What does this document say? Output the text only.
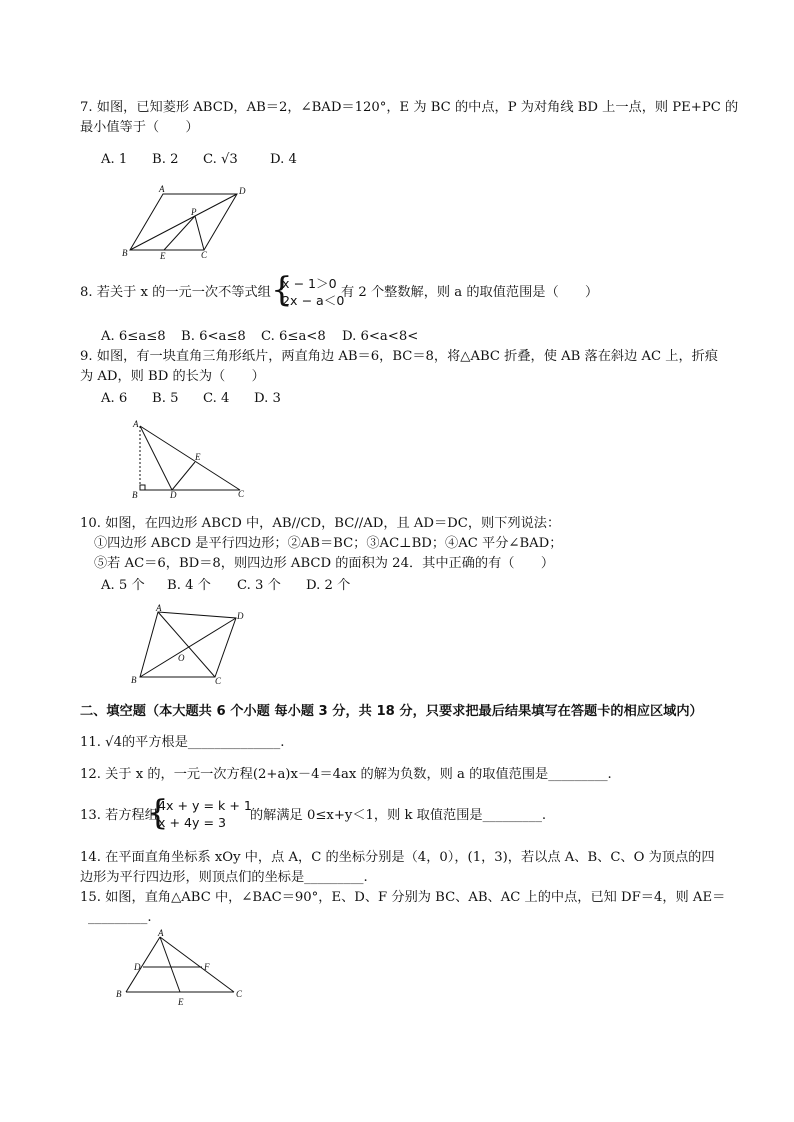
7. 如图，已知菱形 ABCD，AB＝2，∠BAD＝120°，E 为 BC 的中点，P 为对角线 BD 上一点，则 PE+PC 的
最小值等于（　　）
A. 1 B. 2 C. √3 D. 4
A	D
P
B	E	C
8. 若关于 x 的一元一次不等式组 {
x − 1＞0
2x − a＜0
有 2 个整数解，则 a 的取值范围是（　　）
A. 6≤a≤8 B. 6<a≤8 C. 6≤a<8 D. 6<a<8<
9. 如图，有一块直角三角形纸片，两直角边 AB＝6，BC＝8，将△ABC 折叠，使 AB 落在斜边 AC 上，折痕
为 AD，则 BD 的长为（　　）
A. 6 B. 5 C. 4 D. 3
A
E
B	D	C
10. 如图，在四边形 ABCD 中，AB//CD，BC//AD，且 AD＝DC，则下列说法：
①四边形 ABCD 是平行四边形；②AB＝BC；③AC⊥BD；④AC 平分∠BAD；
⑤若 AC＝6，BD＝8，则四边形 ABCD 的面积为 24．其中正确的有（　　）
A. 5 个 B. 4 个 C. 3 个 D. 2 个
A
D
O
B	C
二、填空题（本大题共 6 个小题 每小题 3 分，共 18 分，只要求把最后结果填写在答题卡的相应区域内）
11. √4的平方根是______________.
12. 关于 x 的，一元一次方程(2+a)x－4＝4ax 的解为负数，则 a 的取值范围是_________.
13. 若方程组
{
4x + y = k + 1
x + 4y = 3 的解满足 0≤x+y＜1，则 k 取值范围是_________.
14. 在平面直角坐标系 xOy 中，点 A，C 的坐标分别是（4，0），(1，3)，若以点 A、B、C、O 为顶点的四
边形为平行四边形，则顶点们的坐标是_________.
15. 如图，直角△ABC 中，∠BAC＝90°，E、D、F 分别为 BC、AB、AC 上的中点，已知 DF＝4，则 AE＝
_________.
A
D	F
B
E
C
